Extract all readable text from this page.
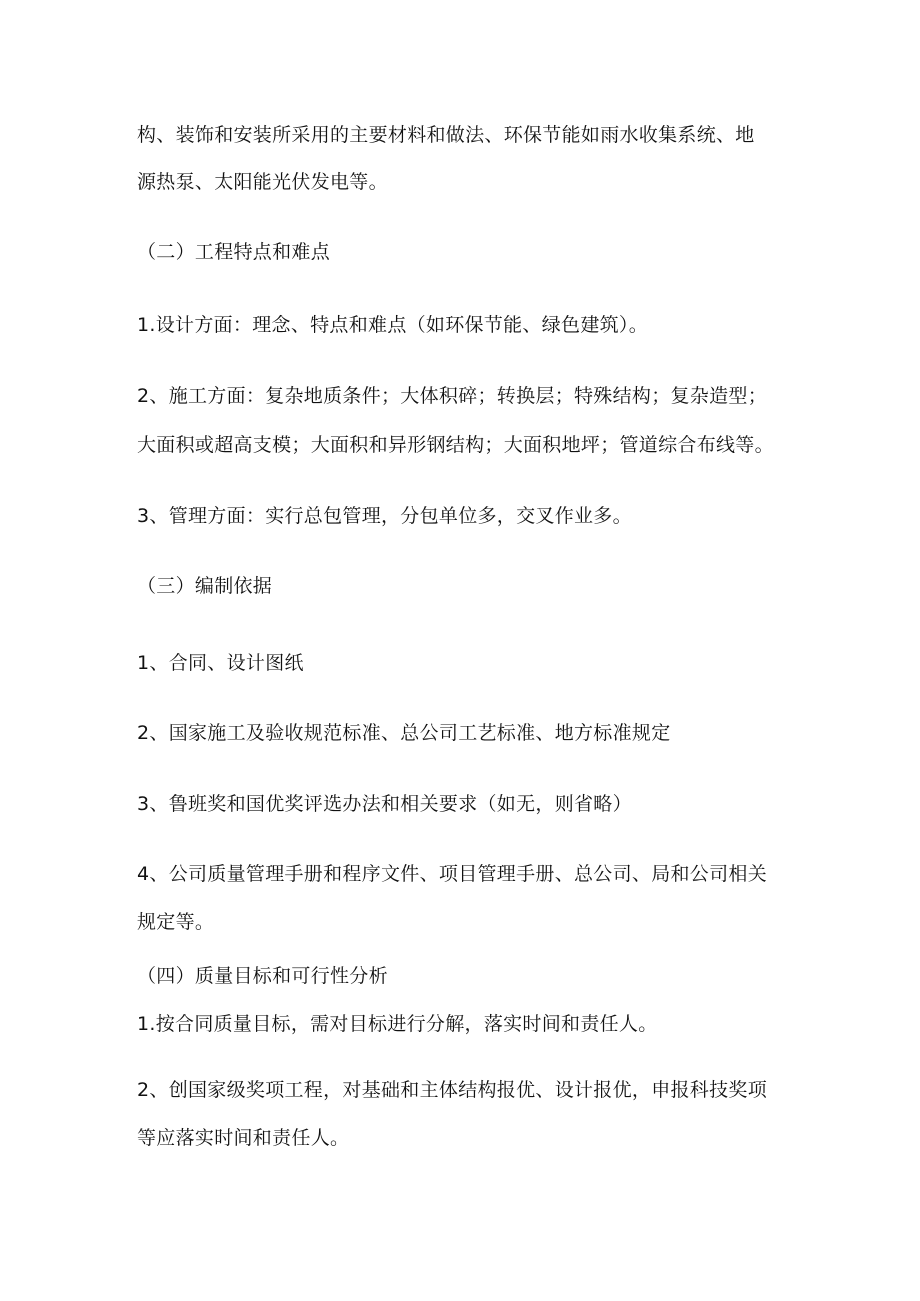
构、装饰和安装所采用的主要材料和做法、环保节能如雨水收集系统、地
源热泵、太阳能光伏发电等。
（二）工程特点和难点
1.设计方面：理念、特点和难点（如环保节能、绿色建筑）。
2、施工方面：复杂地质条件；大体积碎；转换层；特殊结构；复杂造型；
大面积或超高支模；大面积和异形钢结构；大面积地坪；管道综合布线等。
3、管理方面：实行总包管理，分包单位多，交叉作业多。
（三）编制依据
1、合同、设计图纸
2、国家施工及验收规范标准、总公司工艺标准、地方标准规定
3、鲁班奖和国优奖评选办法和相关要求（如无，则省略）
4、公司质量管理手册和程序文件、项目管理手册、总公司、局和公司相关
规定等。
（四）质量目标和可行性分析
1.按合同质量目标，需对目标进行分解，落实时间和责任人。
2、创国家级奖项工程，对基础和主体结构报优、设计报优，申报科技奖项
等应落实时间和责任人。
